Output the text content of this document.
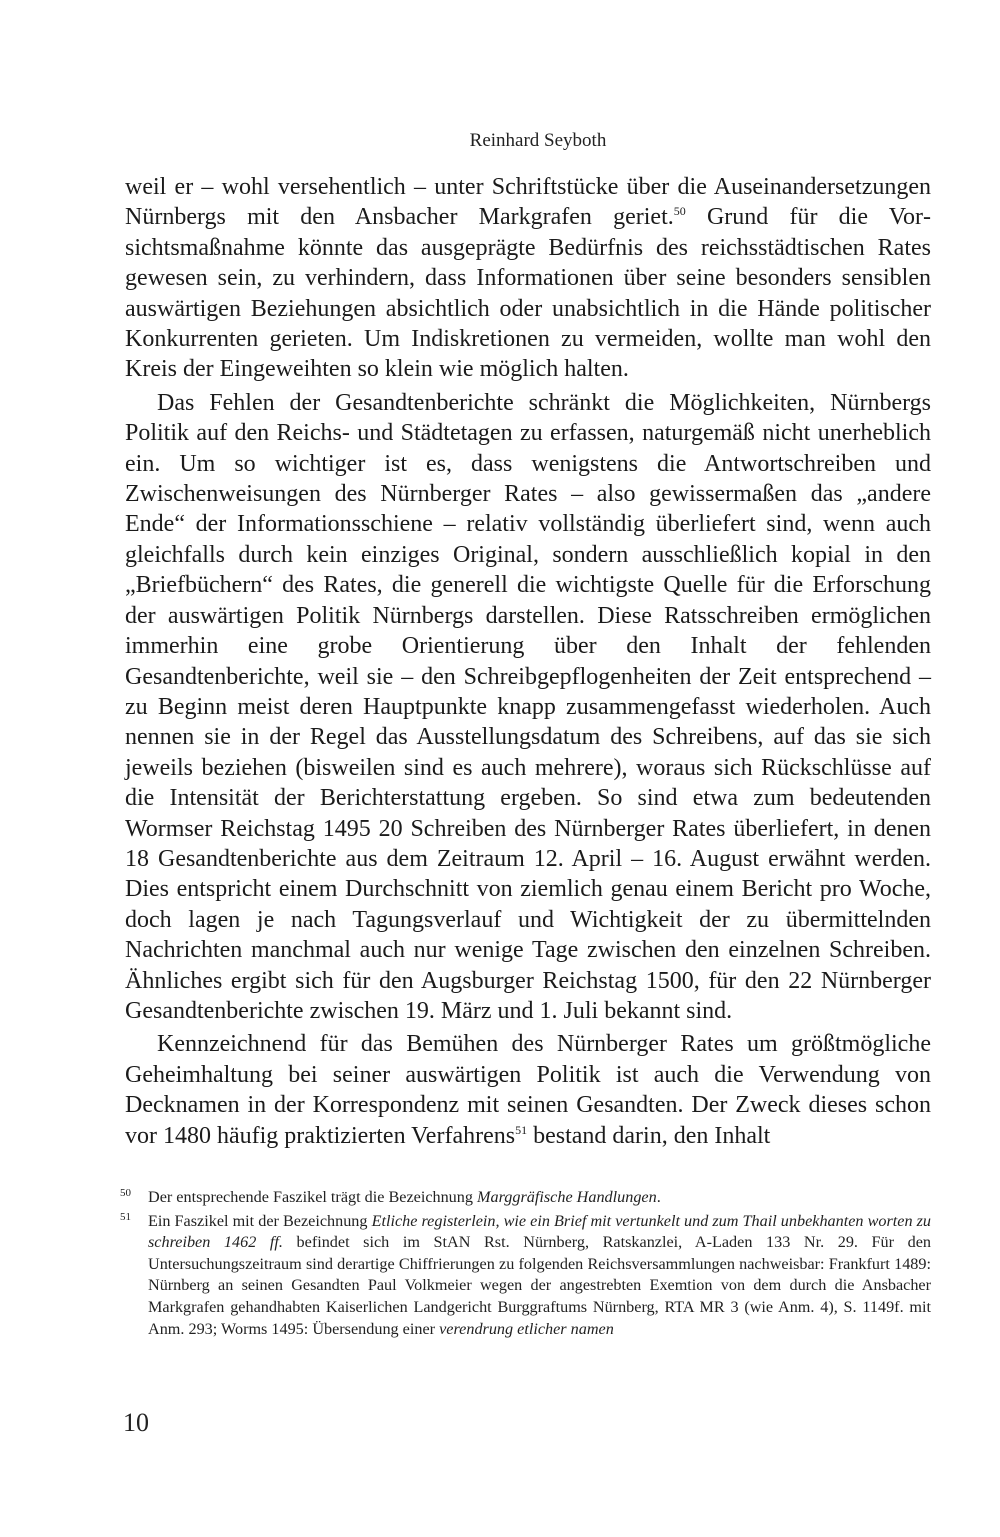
Reinhard Seyboth

weil er – wohl versehentlich – unter Schriftstücke über die Auseinandersetzungen Nürnbergs mit den Ansbacher Markgrafen geriet.$^{50}$ Grund für die Vorsichtsmaßnahme könnte das ausgeprägte Bedürfnis des reichsstädtischen Rates gewesen sein, zu verhindern, dass Informationen über seine besonders sensiblen auswärtigen Beziehungen absichtlich oder unabsichtlich in die Hände politischer Konkurrenten gerieten. Um Indiskretionen zu vermeiden, wollte man wohl den Kreis der Eingeweihten so klein wie möglich halten.

Das Fehlen der Gesandtenberichte schränkt die Möglichkeiten, Nürnbergs Politik auf den Reichs- und Städtetagen zu erfassen, naturgemäß nicht unerheblich ein. Um so wichtiger ist es, dass wenigstens die Antwortschreiben und Zwischenweisungen des Nürnberger Rates – also gewissermaßen das „andere Ende“ der Informationsschiene – relativ vollständig überliefert sind, wenn auch gleichfalls durch kein einziges Original, sondern ausschließlich kopial in den „Briefbüchern“ des Rates, die generell die wichtigste Quelle für die Erforschung der auswärtigen Politik Nürnbergs darstellen. Diese Ratsschreiben ermöglichen immerhin eine grobe Orientierung über den Inhalt der fehlenden Gesandtenberichte, weil sie – den Schreibgepflogenheiten der Zeit entsprechend – zu Beginn meist deren Hauptpunkte knapp zusammengefasst wiederholen. Auch nennen sie in der Regel das Ausstellungsdatum des Schreibens, auf das sie sich jeweils beziehen (bisweilen sind es auch mehrere), woraus sich Rückschlüsse auf die Intensität der Berichterstattung ergeben. So sind etwa zum bedeutenden Wormser Reichstag 1495 20 Schreiben des Nürnberger Rates überliefert, in denen 18 Gesandtenberichte aus dem Zeitraum 12. April – 16. August erwähnt werden. Dies entspricht einem Durchschnitt von ziemlich genau einem Bericht pro Woche, doch lagen je nach Tagungsverlauf und Wichtigkeit der zu übermittelnden Nachrichten manchmal auch nur wenige Tage zwischen den einzelnen Schreiben. Ähnliches ergibt sich für den Augsburger Reichstag 1500, für den 22 Nürnberger Gesandtenberichte zwischen 19. März und 1. Juli bekannt sind.

Kennzeichnend für das Bemühen des Nürnberger Rates um größtmögliche Geheimhaltung bei seiner auswärtigen Politik ist auch die Verwendung von Decknamen in der Korrespondenz mit seinen Gesandten. Der Zweck dieses schon vor 1480 häufig praktizierten Verfahrens$^{51}$ bestand darin, den Inhalt

50 Der entsprechende Faszikel trägt die Bezeichnung Marggräfische Handlungen.
51 Ein Faszikel mit der Bezeichnung Etliche registerlein, wie ein Brief mit vertunkelt und zum Thail unbekhanten worten zu schreiben 1462 ff. befindet sich im StAN Rst. Nürnberg, Ratskanzlei, A-Laden 133 Nr. 29. Für den Untersuchungszeitraum sind derartige Chiffrierungen zu folgenden Reichsversammlungen nachweisbar: Frankfurt 1489: Nürnberg an seinen Gesandten Paul Volkmeier wegen der angestrebten Exemtion von dem durch die Ansbacher Markgrafen gehandhabten Kaiserlichen Landgericht Burggraftums Nürnberg, RTA MR 3 (wie Anm. 4), S. 1149f. mit Anm. 293; Worms 1495: Übersendung einer verendrung etlicher namen
10
